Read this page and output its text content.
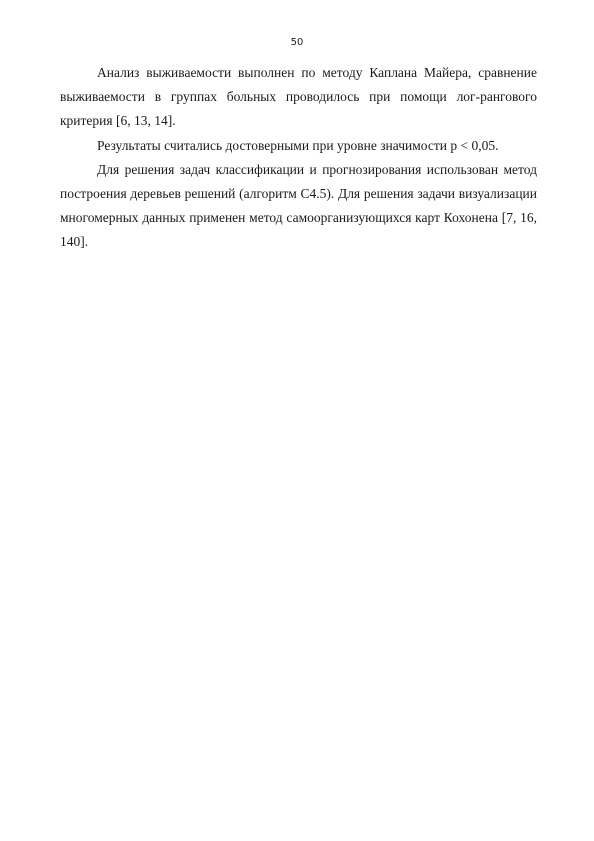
50

Анализ выживаемости выполнен по методу Каплана Майера, сравнение выживаемости в группах больных проводилось при помощи лог-рангового критерия [6, 13, 14].

Результаты считались достоверными при уровне значимости p < 0,05.

Для решения задач классификации и прогнозирования использован метод построения деревьев решений (алгоритм C4.5). Для решения задачи визуализации многомерных данных применен метод самоорганизующихся карт Кохонена [7, 16, 140].
